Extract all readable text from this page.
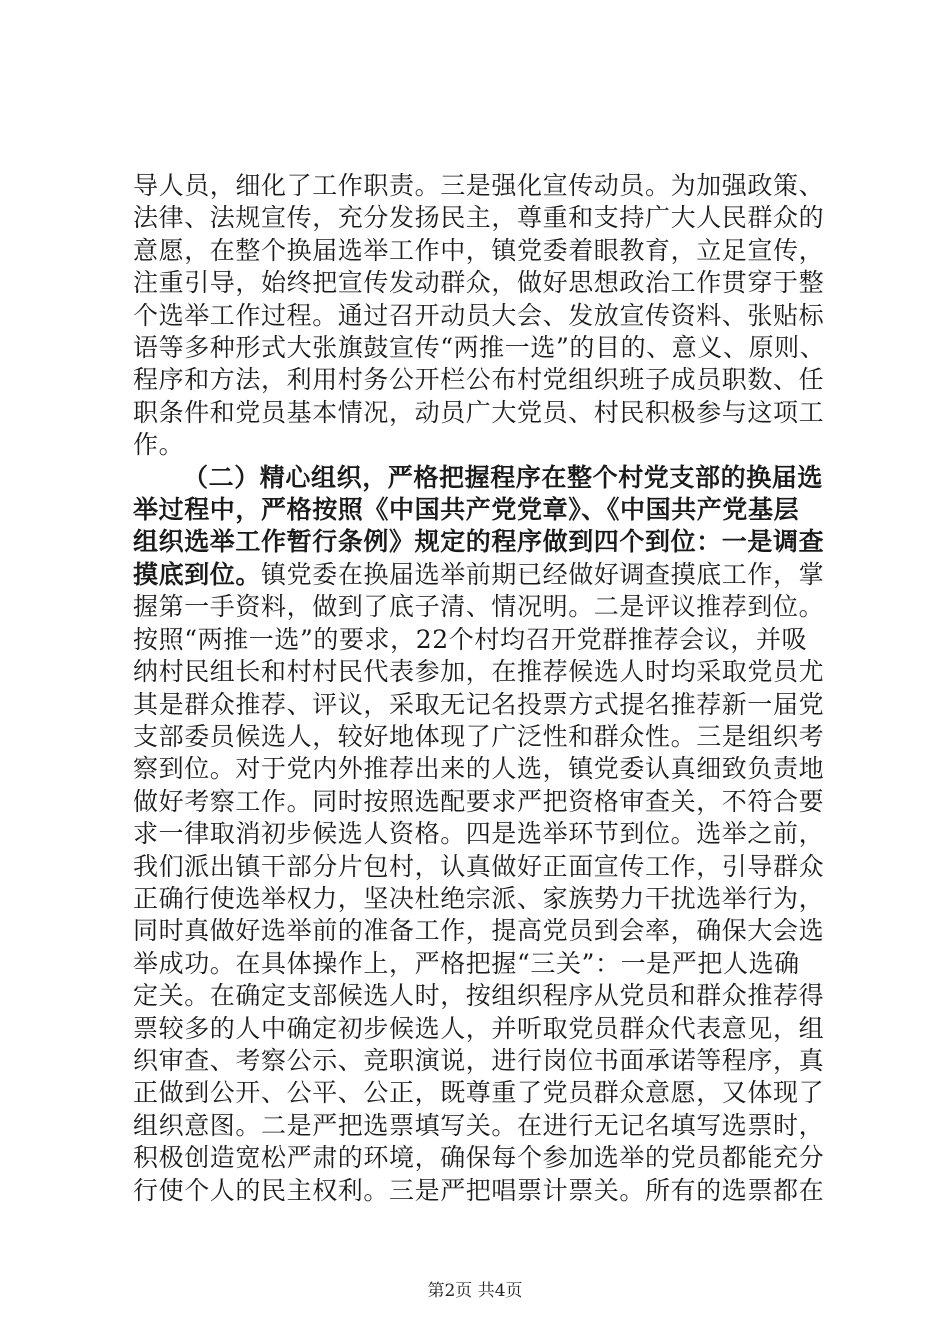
导人员，细化了工作职责。三是强化宣传动员。为加强政策、
法律、法规宣传，充分发扬民主，尊重和支持广大人民群众的
意愿，在整个换届选举工作中，镇党委着眼教育，立足宣传，
注重引导，始终把宣传发动群众，做好思想政治工作贯穿于整
个选举工作过程。通过召开动员大会、发放宣传资料、张贴标
语等多种形式大张旗鼓宣传“两推一选”的目的、意义、原则、
程序和方法，利用村务公开栏公布村党组织班子成员职数、任
职条件和党员基本情况，动员广大党员、村民积极参与这项工
作。
（二）精心组织，严格把握程序在整个村党支部的换届选
举过程中，严格按照《中国共产党党章》、《中国共产党基层
组织选举工作暂行条例》规定的程序做到四个到位：一是调查
摸底到位。镇党委在换届选举前期已经做好调查摸底工作，掌
握第一手资料，做到了底子清、情况明。二是评议推荐到位。
按照“两推一选”的要求，22个村均召开党群推荐会议，并吸
纳村民组长和村村民代表参加，在推荐候选人时均采取党员尤
其是群众推荐、评议，采取无记名投票方式提名推荐新一届党
支部委员候选人，较好地体现了广泛性和群众性。三是组织考
察到位。对于党内外推荐出来的人选，镇党委认真细致负责地
做好考察工作。同时按照选配要求严把资格审查关，不符合要
求一律取消初步候选人资格。四是选举环节到位。选举之前，
我们派出镇干部分片包村，认真做好正面宣传工作，引导群众
正确行使选举权力，坚决杜绝宗派、家族势力干扰选举行为，
同时真做好选举前的准备工作，提高党员到会率，确保大会选
举成功。在具体操作上，严格把握“三关”：一是严把人选确
定关。在确定支部候选人时，按组织程序从党员和群众推荐得
票较多的人中确定初步候选人，并听取党员群众代表意见，组
织审查、考察公示、竞职演说，进行岗位书面承诺等程序，真
正做到公开、公平、公正，既尊重了党员群众意愿，又体现了
组织意图。二是严把选票填写关。在进行无记名填写选票时，
积极创造宽松严肃的环境，确保每个参加选举的党员都能充分
行使个人的民主权利。三是严把唱票计票关。所有的选票都在
第2页 共4页
